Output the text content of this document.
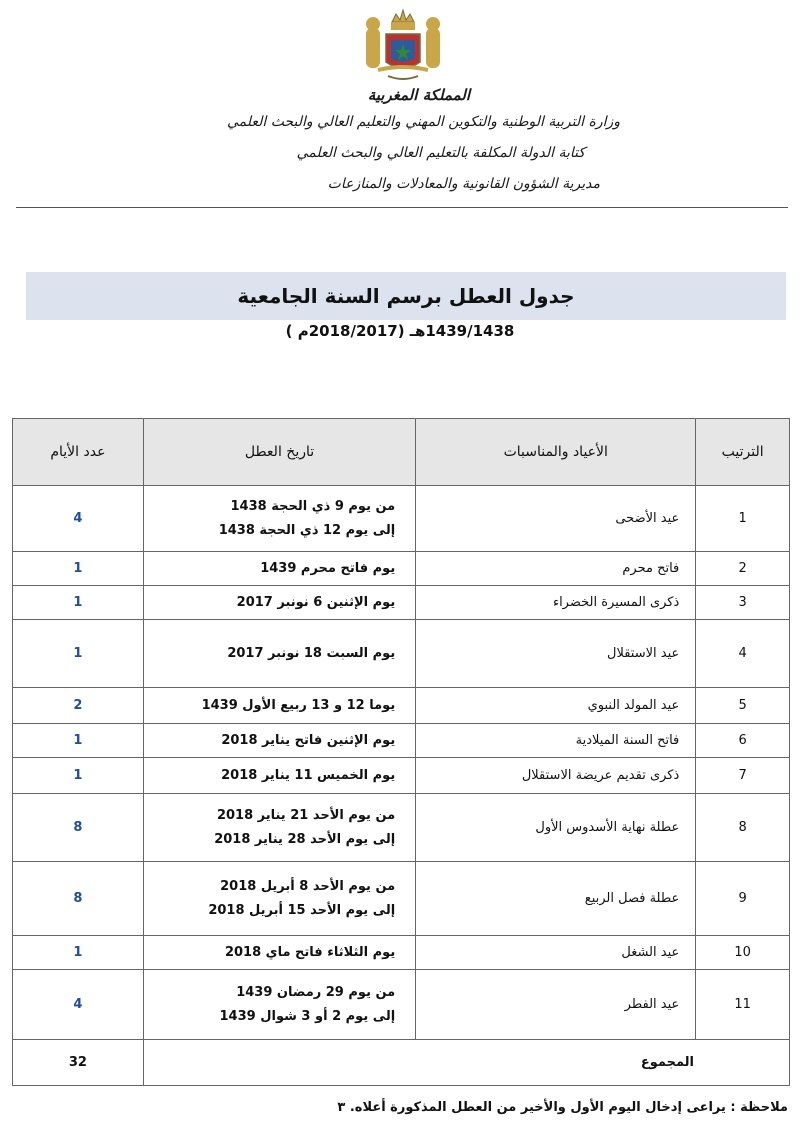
المملكة المغربية
وزارة التربية الوطنية والتكوين المهني والتعليم العالي والبحث العلمي
كتابة الدولة المكلفة بالتعليم العالي والبحث العلمي
مديرية الشؤون القانونية والمعادلات والمنازعات
جدول العطل برسم السنة الجامعية
1439/1438هـ (2018/2017م )
الترتيب	الأعياد والمناسبات	تاريخ العطل	عدد الأيام
1	عيد الأضحى	من يوم 9 ذي الحجة 1438
إلى يوم 12 ذي الحجة 1438	4
2	فاتح محرم	يوم فاتح محرم 1439	1
3	ذكرى المسيرة الخضراء	يوم الإثنين 6 نونبر 2017	1
4	عيد الاستقلال	يوم السبت 18 نونبر 2017	1
5	عيد المولد النبوي	يوما 12 و 13 ربيع الأول 1439	2
6	فاتح السنة الميلادية	يوم الإثنين فاتح يناير 2018	1
7	ذكرى تقديم عريضة الاستقلال	يوم الخميس 11 يناير 2018	1
8	عطلة نهاية الأسدوس الأول	من يوم الأحد 21 يناير 2018
إلى يوم الأحد 28 يناير 2018	8
9	عطلة فصل الربيع	من يوم الأحد 8 أبريل 2018
إلى يوم الأحد 15 أبريل 2018	8
10	عيد الشغل	يوم الثلاثاء فاتح ماي 2018	1
11	عيد الفطر	من يوم 29 رمضان 1439
إلى يوم 2 أو 3 شوال 1439	4
المجموع			32
ملاحظة : يراعى إدخال اليوم الأول والأخير من العطل المذكورة أعلاه. ٣
